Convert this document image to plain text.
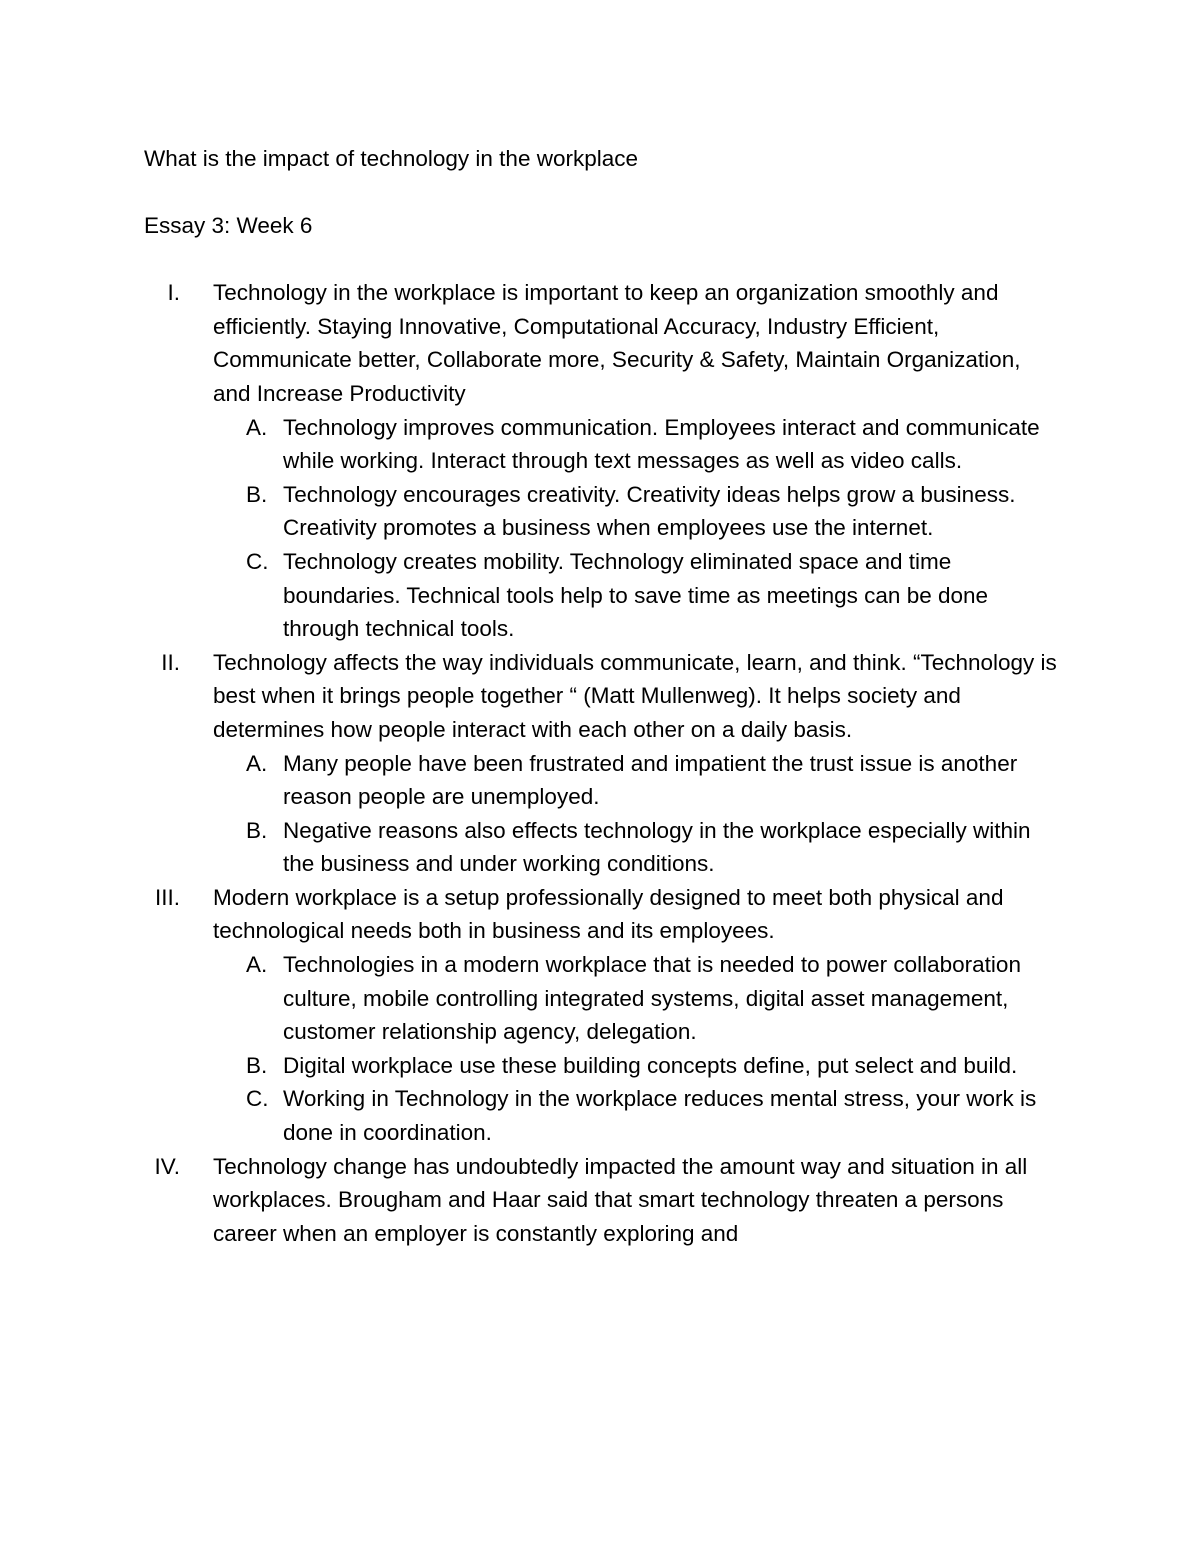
What is the impact of technology in the workplace

Essay 3: Week 6

I. Technology in the workplace is important to keep an organization smoothly and efficiently. Staying Innovative, Computational Accuracy, Industry Efficient, Communicate better, Collaborate more, Security & Safety, Maintain Organization, and Increase Productivity
A. Technology improves communication. Employees interact and communicate while working. Interact through text messages as well as video calls.
B. Technology encourages creativity. Creativity ideas helps grow a business. Creativity promotes a business when employees use the internet.
C. Technology creates mobility. Technology eliminated space and time boundaries. Technical tools help to save time as meetings can be done through technical tools.
II. Technology affects the way individuals communicate, learn, and think. “Technology is best when it brings people together “ (Matt Mullenweg). It helps society and determines how people interact with each other on a daily basis.
A. Many people have been frustrated and impatient the trust issue is another reason people are unemployed.
B. Negative reasons also effects technology in the workplace especially within the business and under working conditions.
III. Modern workplace is a setup professionally designed to meet both physical and technological needs both in business and its employees.
A. Technologies in a modern workplace that is needed to power collaboration culture, mobile controlling integrated systems, digital asset management, customer relationship agency, delegation.
B. Digital workplace use these building concepts define, put select and build.
C. Working in Technology in the workplace reduces mental stress, your work is done in coordination.
IV. Technology change has undoubtedly impacted the amount way and situation in all workplaces. Brougham and Haar said that smart technology threaten a persons career when an employer is constantly exploring and
